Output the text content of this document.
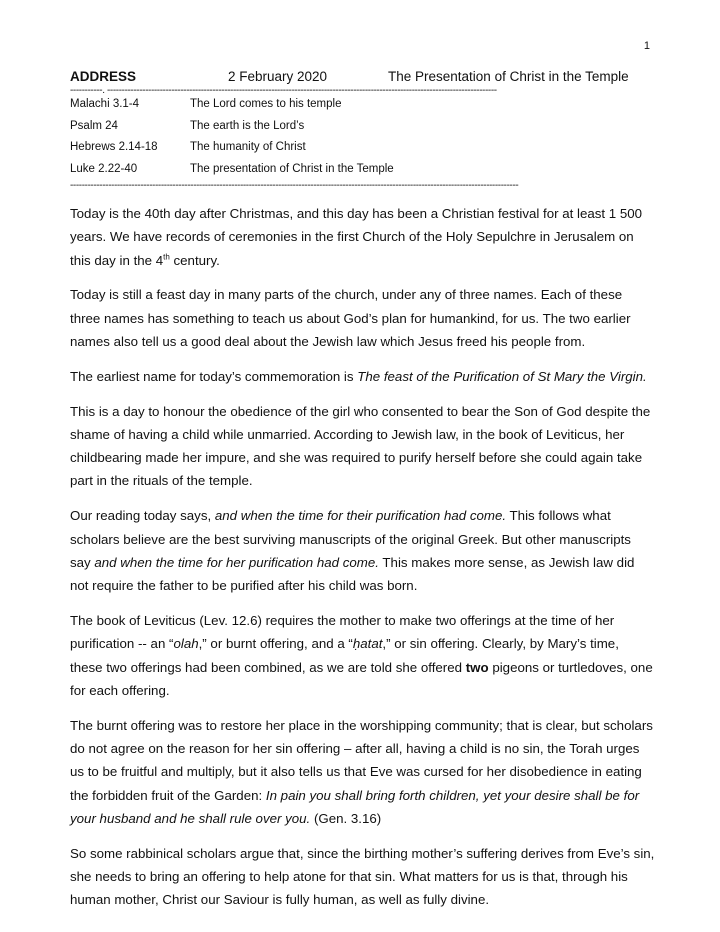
1
ADDRESS	2 February 2020	The Presentation of Christ in the Temple
-----------. -------------------------------------------------------------------------------------------------------------------------------------
Malachi 3.1-4	The Lord comes to his temple
Psalm 24	The earth is the Lord’s
Hebrews 2.14-18	The humanity of Christ
Luke 2.22-40	The presentation of Christ in the Temple
---------------------------------------------------------------------------------------------------------------------------------------------------------

Today is the 40th day after Christmas, and this day has been a Christian festival for at least 1 500 years. We have records of ceremonies in the first Church of the Holy Sepulchre in Jerusalem on this day in the 4th century.

Today is still a feast day in many parts of the church, under any of three names. Each of these three names has something to teach us about God’s plan for humankind, for us. The two earlier names also tell us a good deal about the Jewish law which Jesus freed his people from.

The earliest name for today’s commemoration is The feast of the Purification of St Mary the Virgin.

This is a day to honour the obedience of the girl who consented to bear the Son of God despite the shame of having a child while unmarried. According to Jewish law, in the book of Leviticus, her childbearing made her impure, and she was required to purify herself before she could again take part in the rituals of the temple.

Our reading today says, and when the time for their purification had come. This follows what scholars believe are the best surviving manuscripts of the original Greek. But other manuscripts say and when the time for her purification had come. This makes more sense, as Jewish law did not require the father to be purified after his child was born.

The book of Leviticus (Lev. 12.6) requires the mother to make two offerings at the time of her purification -- an “olah,” or burnt offering, and a “ḥatat,” or sin offering. Clearly, by Mary’s time, these two offerings had been combined, as we are told she offered two pigeons or turtledoves, one for each offering.

The burnt offering was to restore her place in the worshipping community; that is clear, but scholars do not agree on the reason for her sin offering – after all, having a child is no sin, the Torah urges us to be fruitful and multiply, but it also tells us that Eve was cursed for her disobedience in eating the forbidden fruit of the Garden: In pain you shall bring forth children, yet your desire shall be for your husband and he shall rule over you. (Gen. 3.16)

So some rabbinical scholars argue that, since the birthing mother’s suffering derives from Eve’s sin, she needs to bring an offering to help atone for that sin. What matters for us is that, through his human mother, Christ our Saviour is fully human, as well as fully divine.
